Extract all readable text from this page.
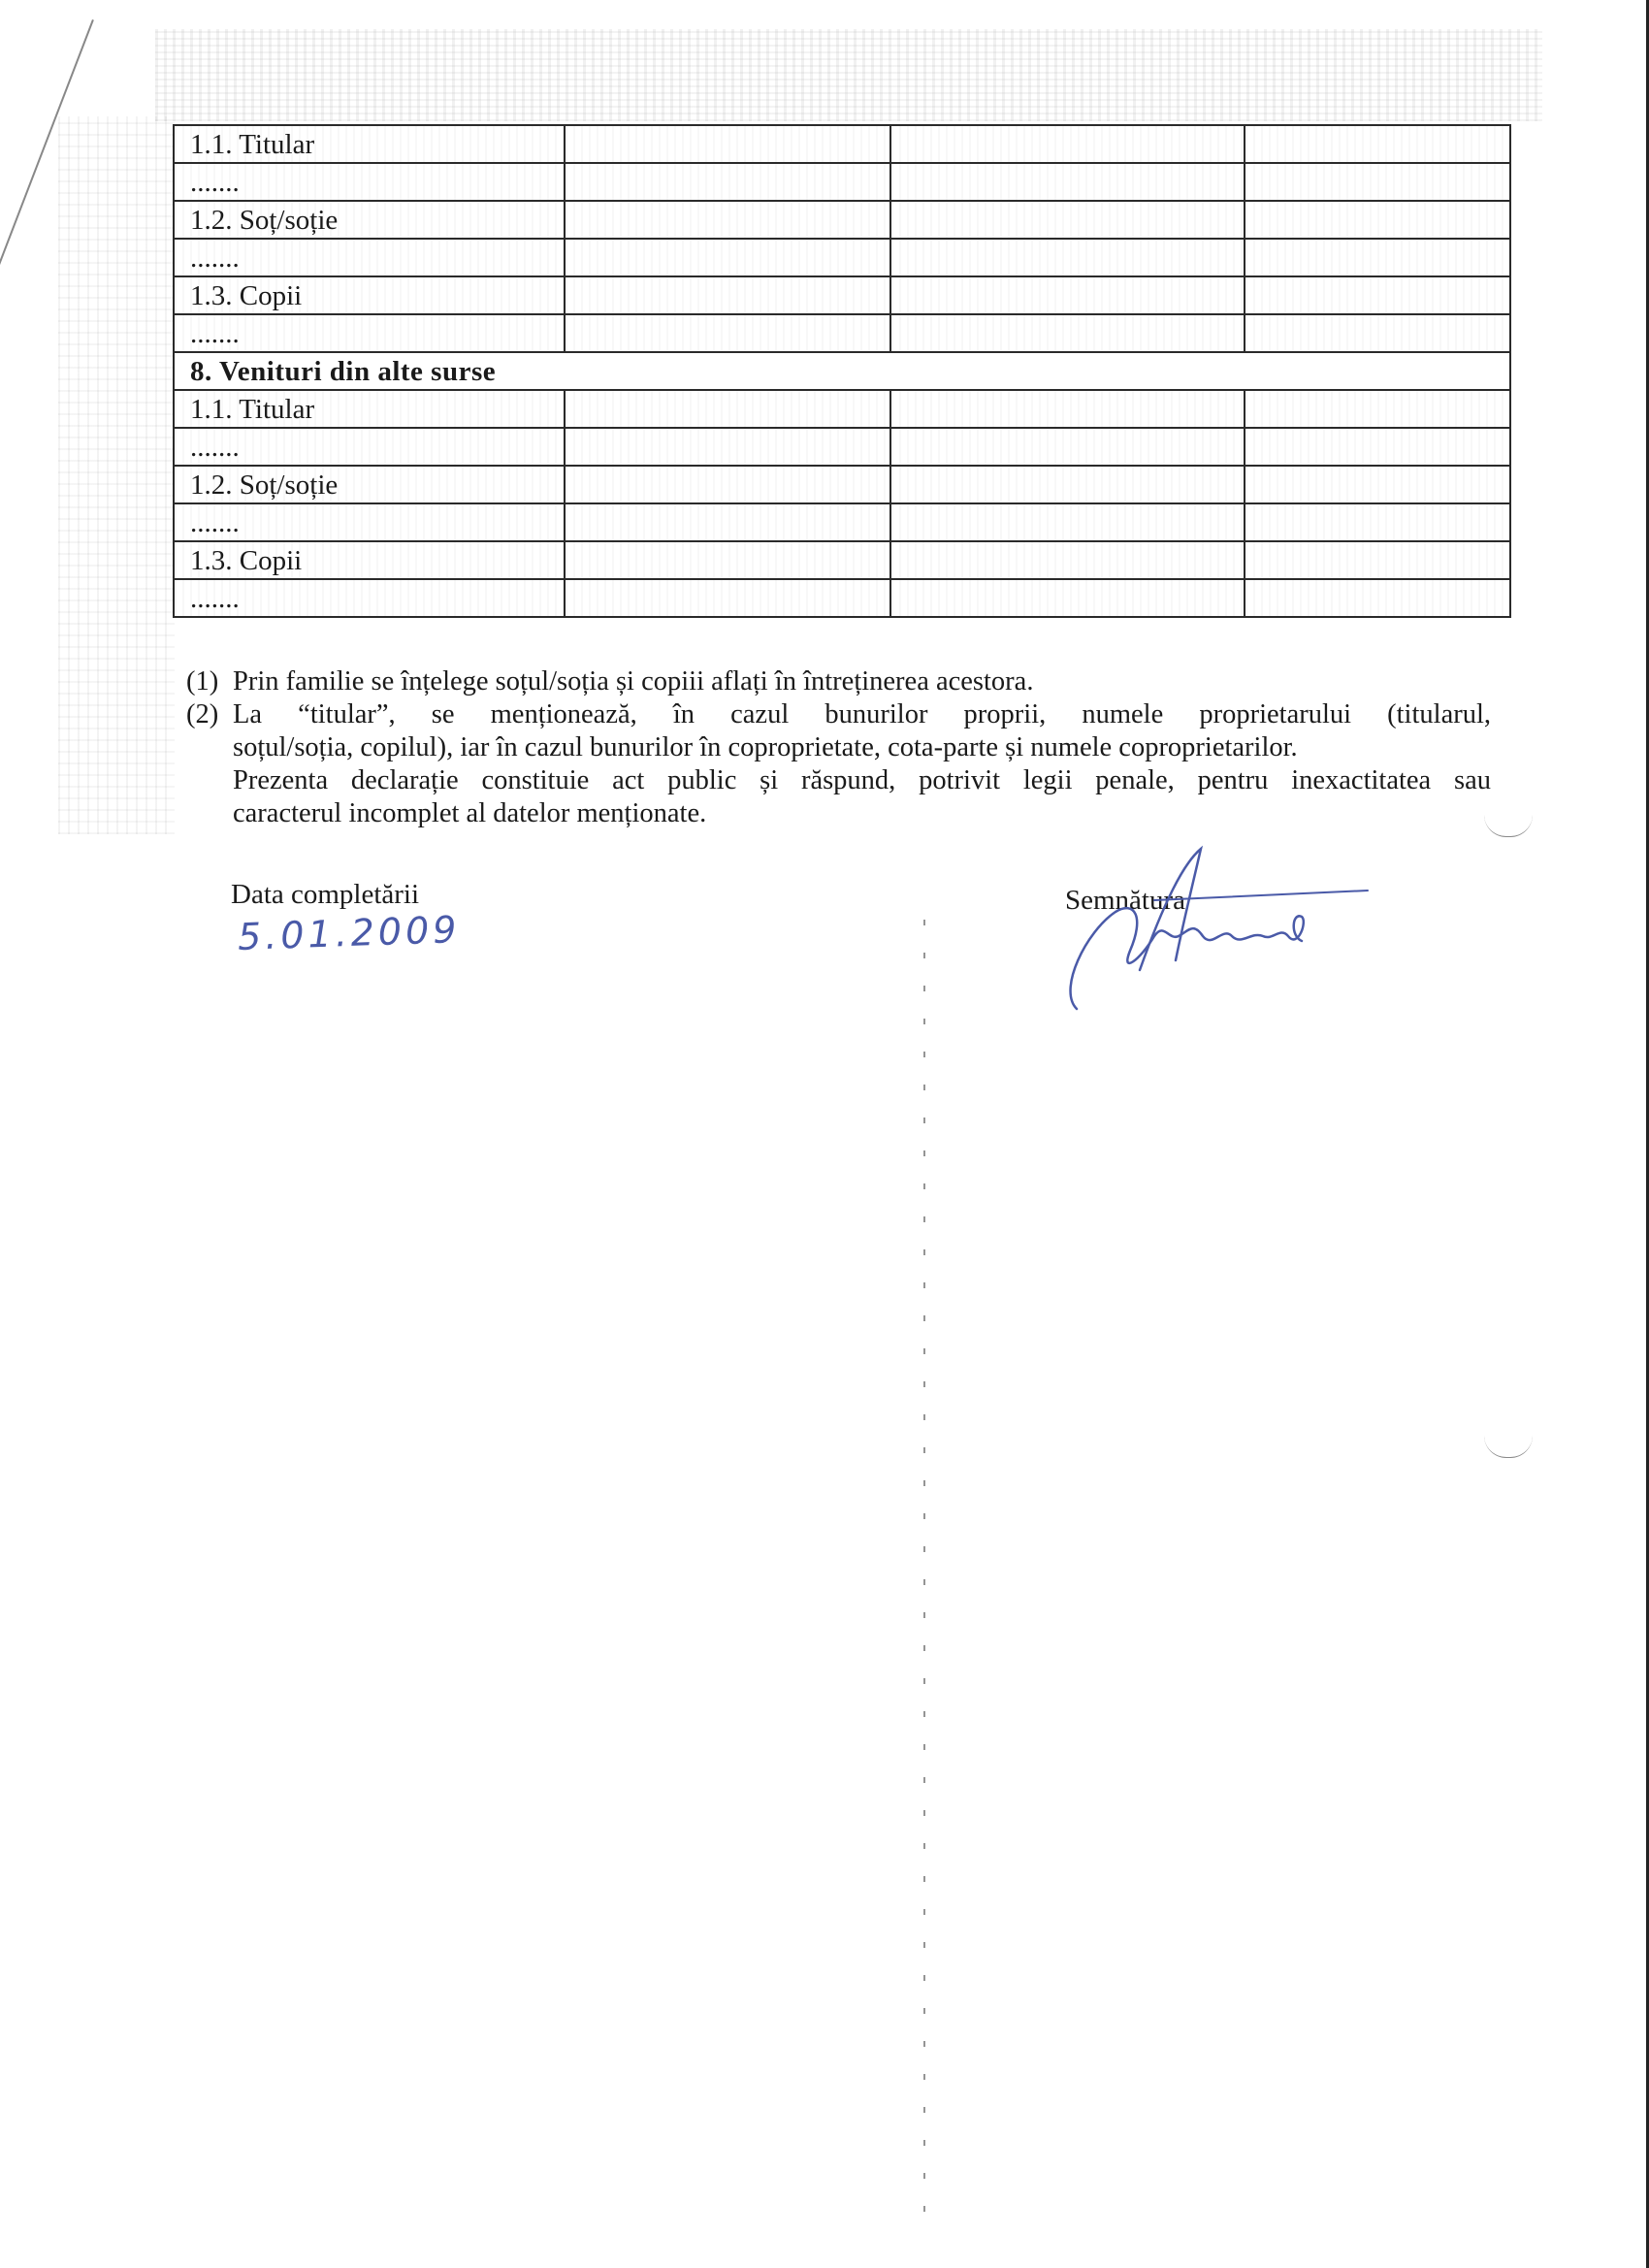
1.1. Titular			
.......			
1.2. Soț/soție			
.......			
1.3. Copii			
.......			
8. Venituri din alte surse			
1.1. Titular			
.......			
1.2. Soț/soție			
.......			
1.3. Copii			
.......			
(1) Prin familie se înțelege soțul/soția și copiii aflați în întreținerea acestora.
(2) La “titular”, se menționează, în cazul bunurilor proprii, numele proprietarului (titularul,
soțul/soția, copilul), iar în cazul bunurilor în coproprietate, cota-parte și numele coproprietarilor.
Prezenta declarație constituie act public și răspund, potrivit legii penale, pentru inexactitatea sau
caracterul incomplet al datelor menționate.
Data completării
5.01.2009
Semnătura
